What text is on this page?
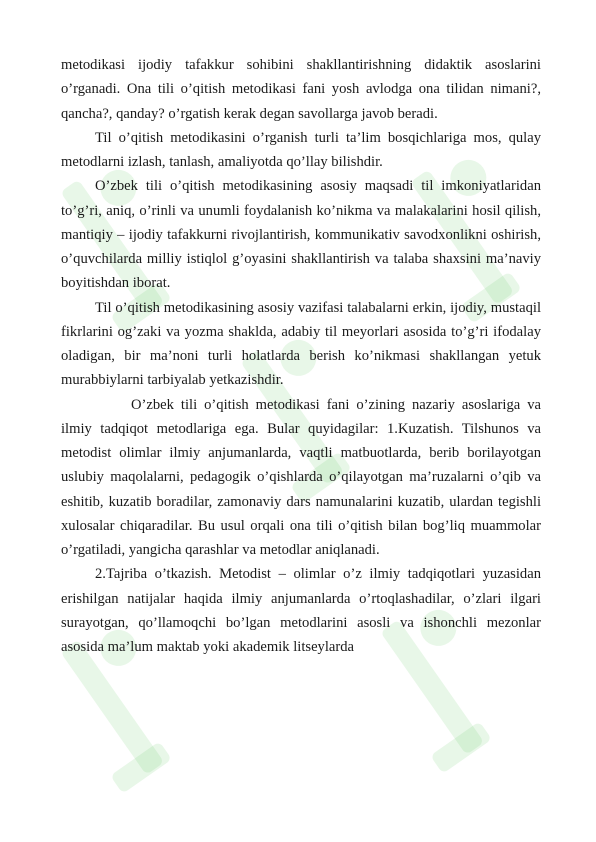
metodikasi ijodiy tafakkur sohibini shakllantirishning didaktik asoslarini o’rganadi. Ona tili o’qitish metodikasi fani yosh avlodga ona tilidan nimani?, qancha?, qanday? o’rgatish kerak degan savollarga javob beradi.

Til o’qitish metodikasini o’rganish turli ta’lim bosqichlariga mos, qulay metodlarni izlash, tanlash, amaliyotda qo’llay bilishdir.

O’zbek tili o’qitish metodikasining asosiy maqsadi til imkoniyatlaridan to’g’ri, aniq, o’rinli va unumli foydalanish ko’nikma va malakalarini hosil qilish, mantiqiy – ijodiy tafakkurni rivojlantirish, kommunikativ savodxonlikni oshirish, o’quvchilarda milliy istiqlol g’oyasini shakllantirish va talaba shaxsini ma’naviy boyitishdan iborat.

Til o’qitish metodikasining asosiy vazifasi talabalarni erkin, ijodiy, mustaqil fikrlarini og’zaki va yozma shaklda, adabiy til meyorlari asosida to’g’ri ifodalay oladigan, bir ma’noni turli holatlarda berish ko’nikmasi shakllangan yetuk murabbiylarni tarbiyalab yetkazishdir.

O’zbek tili o’qitish metodikasi fani o’zining nazariy asoslariga va ilmiy tadqiqot metodlariga ega. Bular quyidagilar: 1.Kuzatish. Tilshunos va metodist olimlar ilmiy anjumanlarda, vaqtli matbuotlarda, berib borilayotgan uslubiy maqolalarni, pedagogik o’qishlarda o’qilayotgan ma’ruzalarni o’qib va eshitib, kuzatib boradilar, zamonaviy dars namunalarini kuzatib, ulardan tegishli xulosalar chiqaradilar. Bu usul orqali ona tili o’qitish bilan bog’liq muammolar o’rgatiladi, yangicha qarashlar va metodlar aniqlanadi.

2.Tajriba o’tkazish. Metodist – olimlar o’z ilmiy tadqiqotlari yuzasidan erishilgan natijalar haqida ilmiy anjumanlarda o’rtoqlashadilar, o’zlari ilgari surayotgan, qo’llamoqchi bo’lgan metodlarini asosli va ishonchli mezonlar asosida ma’lum maktab yoki akademik litseylarda
